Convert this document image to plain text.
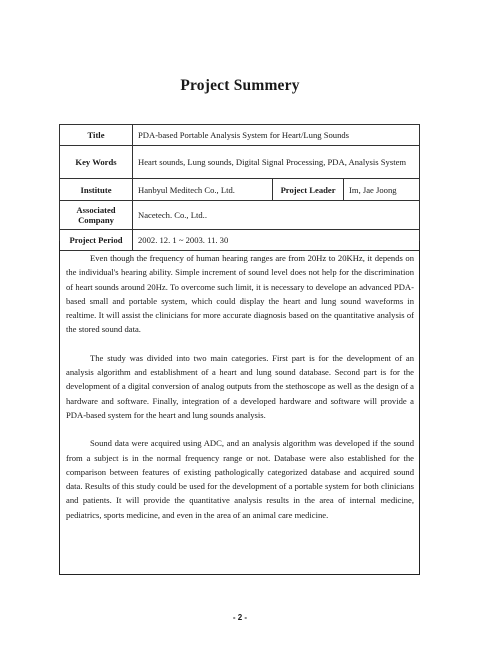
Project Summery
Title	PDA-based Portable Analysis System for Heart/Lung Sounds		
Key Words	Heart sounds, Lung sounds, Digital Signal Processing, PDA, Analysis System		
Institute	Hanbyul Meditech Co., Ltd.	Project Leader	Im, Jae Joong
Associated Company	Nacetech. Co., Ltd..		
Project Period	2002. 12. 1 ~ 2003. 11. 30		

Even though the frequency of human hearing ranges are from 20Hz to 20KHz, it depends on the individual's hearing ability. Simple increment of sound level does not help for the discrimination of heart sounds around 20Hz. To overcome such limit, it is necessary to develope an advanced PDA-based small and portable system, which could display the heart and lung sound waveforms in realtime. It will assist the clinicians for more accurate diagnosis based on the quantitative analysis of the stored sound data.

The study was divided into two main categories. First part is for the development of an analysis algorithm and establishment of a heart and lung sound database. Second part is for the development of a digital conversion of analog outputs from the stethoscope as well as the design of a hardware and software. Finally, integration of a developed hardware and software will provide a PDA-based system for the heart and lung sounds analysis.

Sound data were acquired using ADC, and an analysis algorithm was developed if the sound from a subject is in the normal frequency range or not. Database were also established for the comparison between features of existing pathologically categorized database and acquired sound data. Results of this study could be used for the development of a portable system for both clinicians and patients. It will provide the quantitative analysis results in the area of internal medicine, pediatrics, sports medicine, and even in the area of an animal care medicine.

- 2 -
